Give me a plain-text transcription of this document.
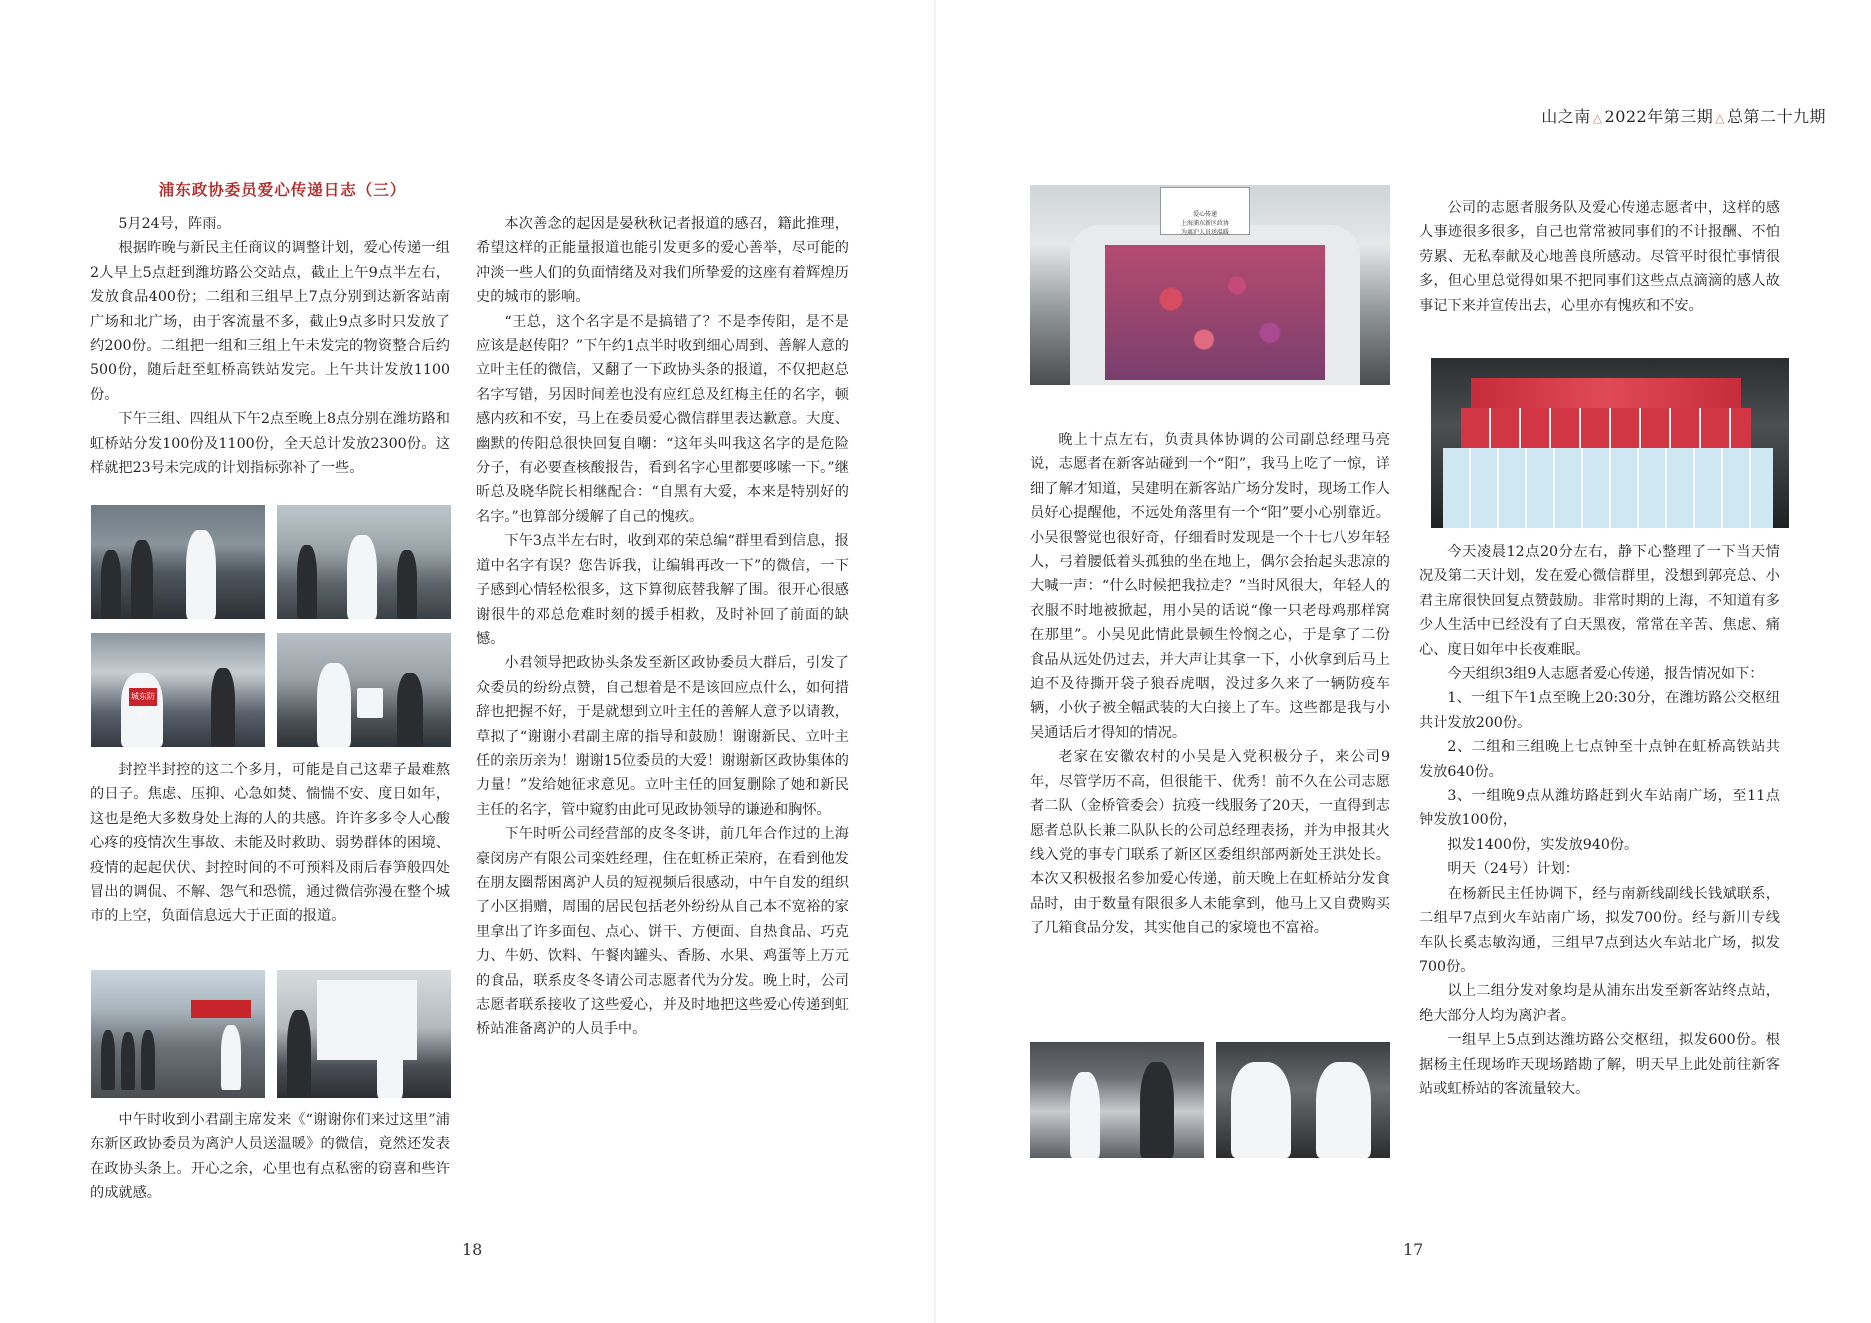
浦东政协委员爱心传递日志（三）

5月24号，阵雨。

根据昨晚与新民主任商议的调整计划，爱心传递一组2人早上5点赶到潍坊路公交站点，截止上午9点半左右，发放食品400份；二组和三组早上7点分别到达新客站南广场和北广场，由于客流量不多，截止9点多时只发放了约200份。二组把一组和三组上午未发完的物资整合后约500份，随后赶至虹桥高铁站发完。上午共计发放1100份。

下午三组、四组从下午2点至晚上8点分别在潍坊路和虹桥站分发100份及1100份，全天总计发放2300份。这样就把23号未完成的计划指标弥补了一些。

城东防控

封控半封控的这二个多月，可能是自己这辈子最难熬的日子。焦虑、压抑、心急如焚、惴惴不安、度日如年，这也是绝大多数身处上海的人的共感。许许多多令人心酸心疼的疫情次生事故、未能及时救助、弱势群体的困境、疫情的起起伏伏、封控时间的不可预料及雨后春笋般四处冒出的调侃、不解、怨气和恐慌，通过微信弥漫在整个城市的上空，负面信息远大于正面的报道。

中午时收到小君副主席发来《“谢谢你们来过这里”浦东新区政协委员为离沪人员送温暖》的微信，竟然还发表在政协头条上。开心之余，心里也有点私密的窃喜和些许的成就感。

本次善念的起因是晏秋秋记者报道的感召，籍此推理，希望这样的正能量报道也能引发更多的爱心善举，尽可能的冲淡一些人们的负面情绪及对我们所挚爱的这座有着辉煌历史的城市的影响。

“王总，这个名字是不是搞错了？不是李传阳，是不是应该是赵传阳？”下午约1点半时收到细心周到、善解人意的立叶主任的微信，又翻了一下政协头条的报道，不仅把赵总名字写错，另因时间差也没有应红总及红梅主任的名字，顿感内疚和不安，马上在委员爱心微信群里表达歉意。大度、幽默的传阳总很快回复自嘲：“这年头叫我这名字的是危险分子，有必要查核酸报告，看到名字心里都要哆嗦一下。”继昕总及晓华院长相继配合：“自黑有大爱，本来是特别好的名字。”也算部分缓解了自己的愧疚。

下午3点半左右时，收到邓的荣总编“群里看到信息，报道中名字有误？您告诉我，让编辑再改一下”的微信，一下子感到心情轻松很多，这下算彻底替我解了围。很开心很感谢很牛的邓总危难时刻的援手相救，及时补回了前面的缺憾。

小君领导把政协头条发至新区政协委员大群后，引发了众委员的纷纷点赞，自己想着是不是该回应点什么，如何措辞也把握不好，于是就想到立叶主任的善解人意予以请教，草拟了“谢谢小君副主席的指导和鼓励！谢谢新民、立叶主任的亲历亲为！谢谢15位委员的大爱！谢谢新区政协集体的力量！”发给她征求意见。立叶主任的回复删除了她和新民主任的名字，管中窥豹由此可见政协领导的谦逊和胸怀。

下午时听公司经营部的皮冬冬讲，前几年合作过的上海豪闵房产有限公司栾姓经理，住在虹桥正荣府，在看到他发在朋友圈帮困离沪人员的短视频后很感动，中午自发的组织了小区捐赠，周围的居民包括老外纷纷从自己本不宽裕的家里拿出了许多面包、点心、饼干、方便面、自热食品、巧克力、牛奶、饮料、午餐肉罐头、香肠、水果、鸡蛋等上万元的食品，联系皮冬冬请公司志愿者代为分发。晚上时，公司志愿者联系接收了这些爱心，并及时地把这些爱心传递到虹桥站准备离沪的人员手中。

18
山之南 △ 2022年第三期 △ 总第二十九期
爱心传递
上海浦东新区政协
为离沪人员送温暖

晚上十点左右，负责具体协调的公司副总经理马亮说，志愿者在新客站碰到一个“阳”，我马上吃了一惊，详细了解才知道，吴建明在新客站广场分发时，现场工作人员好心提醒他，不远处角落里有一个“阳”要小心别靠近。小吴很警觉也很好奇，仔细看时发现是一个十七八岁年轻人，弓着腰低着头孤独的坐在地上，偶尔会抬起头悲凉的大喊一声：“什么时候把我拉走？”当时风很大，年轻人的衣服不时地被掀起，用小吴的话说“像一只老母鸡那样窝在那里”。小吴见此情此景顿生怜悯之心，于是拿了二份食品从远处仍过去，并大声让其拿一下，小伙拿到后马上迫不及待撕开袋子狼吞虎咽，没过多久来了一辆防疫车辆，小伙子被全幅武装的大白接上了车。这些都是我与小吴通话后才得知的情况。

老家在安徽农村的小吴是入党积极分子，来公司9年，尽管学历不高，但很能干、优秀！前不久在公司志愿者二队（金桥管委会）抗疫一线服务了20天，一直得到志愿者总队长兼二队队长的公司总经理表扬，并为申报其火线入党的事专门联系了新区区委组织部两新处王洪处长。本次又积极报名参加爱心传递，前天晚上在虹桥站分发食品时，由于数量有限很多人未能拿到，他马上又自费购买了几箱食品分发，其实他自己的家境也不富裕。

公司的志愿者服务队及爱心传递志愿者中，这样的感人事迹很多很多，自己也常常被同事们的不计报酬、不怕劳累、无私奉献及心地善良所感动。尽管平时很忙事情很多，但心里总觉得如果不把同事们这些点点滴滴的感人故事记下来并宣传出去，心里亦有愧疚和不安。

今天凌晨12点20分左右，静下心整理了一下当天情况及第二天计划，发在爱心微信群里，没想到郭亮总、小君主席很快回复点赞鼓励。非常时期的上海，不知道有多少人生活中已经没有了白天黑夜，常常在辛苦、焦虑、痛心、度日如年中长夜难眠。

今天组织3组9人志愿者爱心传递，报告情况如下：

1、一组下午1点至晚上20:30分，在潍坊路公交枢纽共计发放200份。

2、二组和三组晚上七点钟至十点钟在虹桥高铁站共发放640份。

3、一组晚9点从潍坊路赶到火车站南广场，至11点钟发放100份，

　　拟发1400份，实发放940份。

明天（24号）计划：

　　在杨新民主任协调下，经与南新线副线长钱斌联系，二组早7点到火车站南广场，拟发700份。经与新川专线车队长奚志敏沟通，三组早7点到达火车站北广场，拟发700份。

以上二组分发对象均是从浦东出发至新客站终点站，绝大部分人均为离沪者。

一组早上5点到达潍坊路公交枢纽，拟发600份。根据杨主任现场昨天现场踏勘了解，明天早上此处前往新客站或虹桥站的客流量较大。

17
